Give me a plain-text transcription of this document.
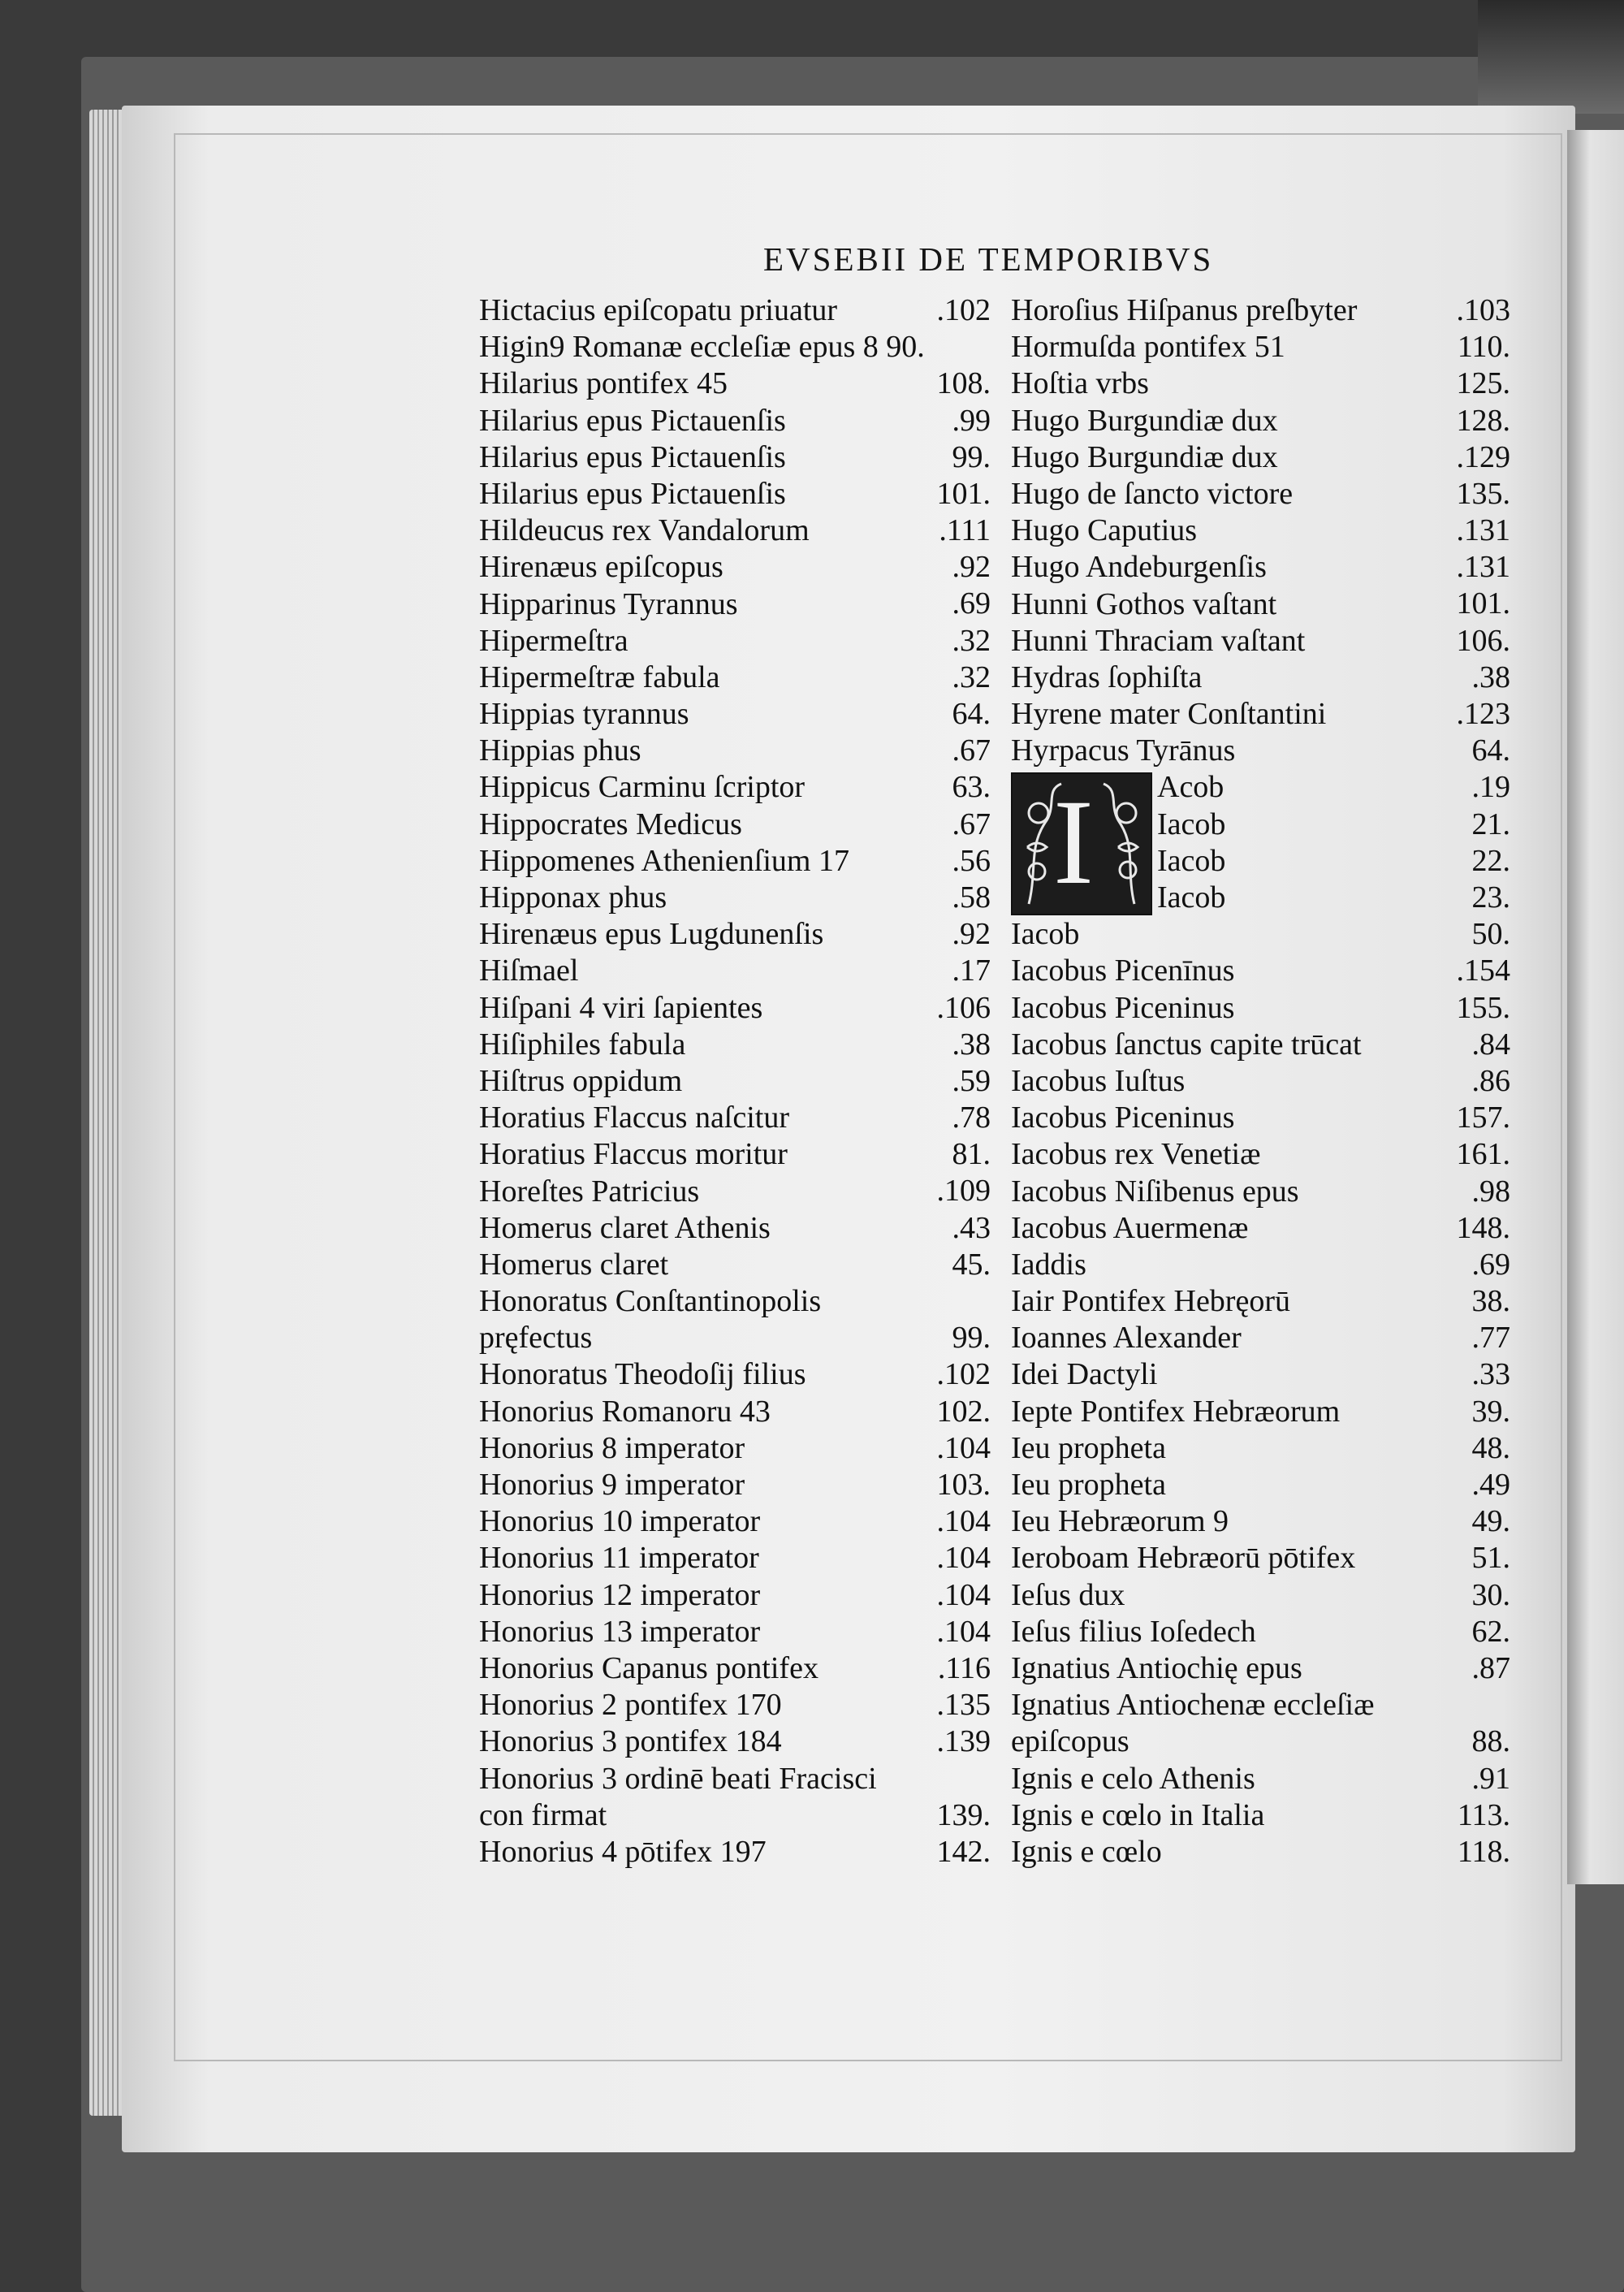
EVSEBII DE TEMPORIBVS
Hictacius epiſcopatu priuatur	.102
Higin9 Romanæ eccleſiæ epus 8 90.
Hilarius pontifex 45	108.
Hilarius epus Pictauenſis	.99
Hilarius epus Pictauenſis	99.
Hilarius epus Pictauenſis	101.
Hildeucus rex Vandalorum	.111
Hirenæus epiſcopus	.92
Hipparinus Tyrannus	.69
Hipermeſtra	.32
Hipermeſtræ fabula	.32
Hippias tyrannus	64.
Hippias phus	.67
Hippicus Carminu ſcriptor	63.
Hippocrates Medicus	.67
Hippomenes Athenienſium 17	.56
Hipponax phus	.58
Hirenæus epus Lugdunenſis	.92
Hiſmael	.17
Hiſpani 4 viri ſapientes	.106
Hiſiphiles fabula	.38
Hiſtrus oppidum	.59
Horatius Flaccus naſcitur	.78
Horatius Flaccus moritur	81.
Horeſtes Patricius	.109
Homerus claret Athenis	.43
Homerus claret	45.
Honoratus Conſtantinopolis pręfectus	99.
Honoratus Theodoſij filius	.102
Honorius Romanoru 43	102.
Honorius 8 imperator	.104
Honorius 9 imperator	103.
Honorius 10 imperator	.104
Honorius 11 imperator	.104
Honorius 12 imperator	.104
Honorius 13 imperator	.104
Honorius Capanus pontifex	.116
Honorius 2 pontifex 170	.135
Honorius 3 pontifex 184	.139
Honorius 3 ordinē beati Fracisci con firmat	139.
Honorius 4 pōtifex 197	142.
Horoſius Hiſpanus preſbyter	.103
Hormuſda pontifex 51	110.
Hoſtia vrbs	125.
Hugo Burgundiæ dux	128.
Hugo Burgundiæ dux	.129
Hugo de ſancto victore	135.
Hugo Caputius	.131
Hugo Andeburgenſis	.131
Hunni Gothos vaſtant	101.
Hunni Thraciam vaſtant	106.
Hydras ſophiſta	.38
Hyrene mater Conſtantini	.123
Hyrpacus Tyrānus	64.
I Acob	.19
Iacob	21.
Iacob	22.
Iacob	23.
Iacob	50.
Iacobus Picenīnus	.154
Iacobus Piceninus	155.
Iacobus ſanctus capite trūcat	.84
Iacobus Iuſtus	.86
Iacobus Piceninus	157.
Iacobus rex Venetiæ	161.
Iacobus Niſibenus epus	.98
Iacobus Auermenæ	148.
Iaddis	.69
Iair Pontifex Hebręorū	38.
Ioannes Alexander	.77
Idei Dactyli	.33
Iepte Pontifex Hebræorum	39.
Ieu propheta	48.
Ieu propheta	.49
Ieu Hebræorum 9	49.
Ieroboam Hebræorū pōtifex	51.
Ieſus dux	30.
Ieſus filius Ioſedech	62.
Ignatius Antiochię epus	.87
Ignatius Antiochenæ eccleſiæ epiſcopus	88.
Ignis e celo Athenis	.91
Ignis e cœlo in Italia	113.
Ignis e cœlo	118.
